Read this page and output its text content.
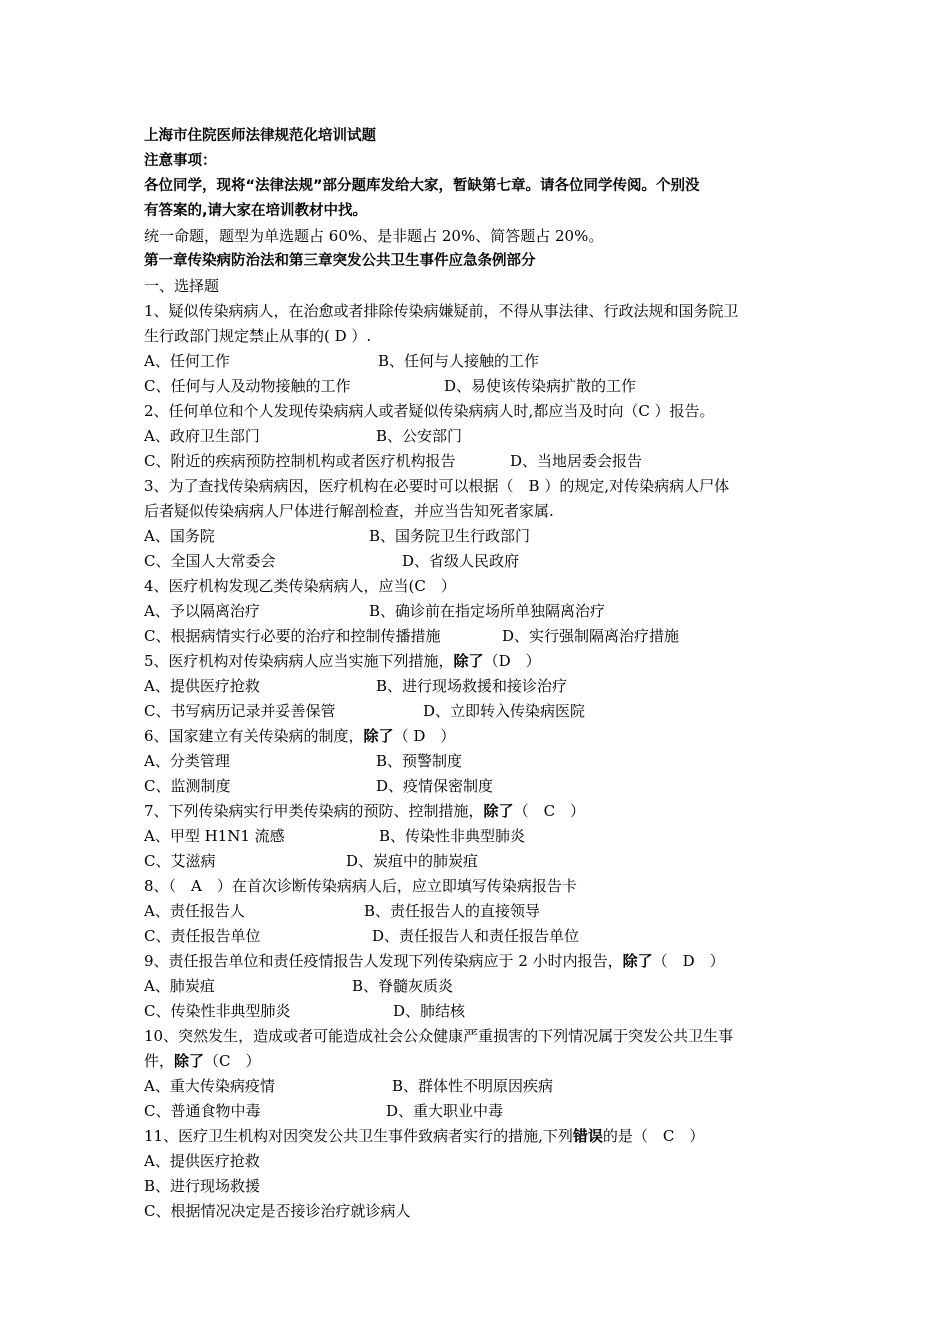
上海市住院医师法律规范化培训试题
注意事项：
各位同学，现将“法律法规”部分题库发给大家，暂缺第七章。请各位同学传阅。个别没
有答案的,请大家在培训教材中找。
统一命题，题型为单选题占 60%、是非题占 20%、简答题占 20%。
第一章传染病防治法和第三章突发公共卫生事件应急条例部分
一、选择题
1、疑似传染病病人，在治愈或者排除传染病嫌疑前，不得从事法律、行政法规和国务院卫
生行政部门规定禁止从事的( D ）.
A、任何工作	B、任何与人接触的工作
C、任何与人及动物接触的工作	D、易使该传染病扩散的工作
2、任何单位和个人发现传染病病人或者疑似传染病病人时,都应当及时向（C ）报告。
A、政府卫生部门	B、公安部门
C、附近的疾病预防控制机构或者医疗机构报告	D、当地居委会报告
3、为了查找传染病病因，医疗机构在必要时可以根据（　B ）的规定,对传染病病人尸体
后者疑似传染病病人尸体进行解剖检查，并应当告知死者家属.
A、国务院	B、国务院卫生行政部门
C、全国人大常委会	D、省级人民政府
4、医疗机构发现乙类传染病病人，应当(C　）
A、予以隔离治疗	B、确诊前在指定场所单独隔离治疗
C、根据病情实行必要的治疗和控制传播措施	D、实行强制隔离治疗措施
5、医疗机构对传染病病人应当实施下列措施，除了（D　）
A、提供医疗抢救	B、进行现场救援和接诊治疗
C、书写病历记录并妥善保管	D、立即转入传染病医院
6、国家建立有关传染病的制度，除了（ D　）
A、分类管理	B、预警制度
C、监测制度	D、疫情保密制度
7、下列传染病实行甲类传染病的预防、控制措施，除了（　C　）
A、甲型 H1N1 流感	B、传染性非典型肺炎
C、艾滋病	D、炭疽中的肺炭疽
8、（　A　）在首次诊断传染病病人后，应立即填写传染病报告卡
A、责任报告人	B、责任报告人的直接领导
C、责任报告单位	D、责任报告人和责任报告单位
9、责任报告单位和责任疫情报告人发现下列传染病应于 2 小时内报告，除了（　D　）
A、肺炭疽	B、脊髓灰质炎
C、传染性非典型肺炎	D、肺结核
10、突然发生，造成或者可能造成社会公众健康严重损害的下列情况属于突发公共卫生事
件，除了（C　）
A、重大传染病疫情	B、群体性不明原因疾病
C、普通食物中毒	D、重大职业中毒
11、医疗卫生机构对因突发公共卫生事件致病者实行的措施,下列错误的是（　C　）
A、提供医疗抢救
B、进行现场救援
C、根据情况决定是否接诊治疗就诊病人
